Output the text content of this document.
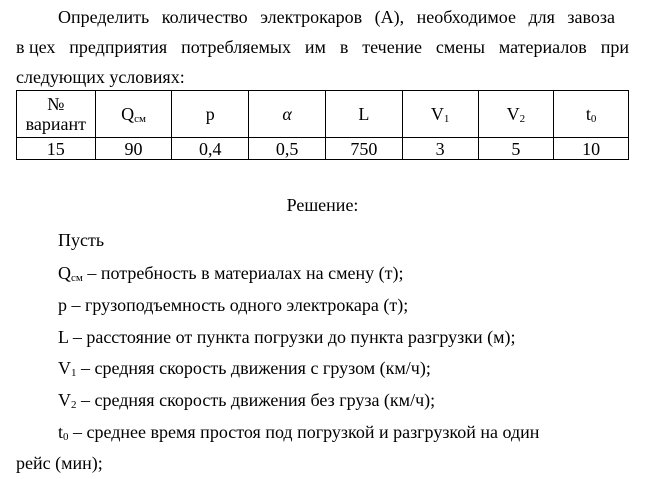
Определить количество электрокаров (А), необходимое для завоза
в цех предприятия потребляемых им в течение смены материалов при
следующих условиях:
№
вариант	$Q_{см}$	p	α	L	$V_1$	$V_2$	$t_0$
15	90	0,4	0,5	750	3	5	10
Решение:
Пусть
$Q_{см}$ – потребность в материалах на смену (т);
p – грузоподъемность одного электрокара (т);
L – расстояние от пункта погрузки до пункта разгрузки (м);
$V_1$ – средняя скорость движения с грузом (км/ч);
$V_2$ – средняя скорость движения без груза (км/ч);
$t_0$ – среднее время простоя под погрузкой и разгрузкой на один
рейс (мин);
